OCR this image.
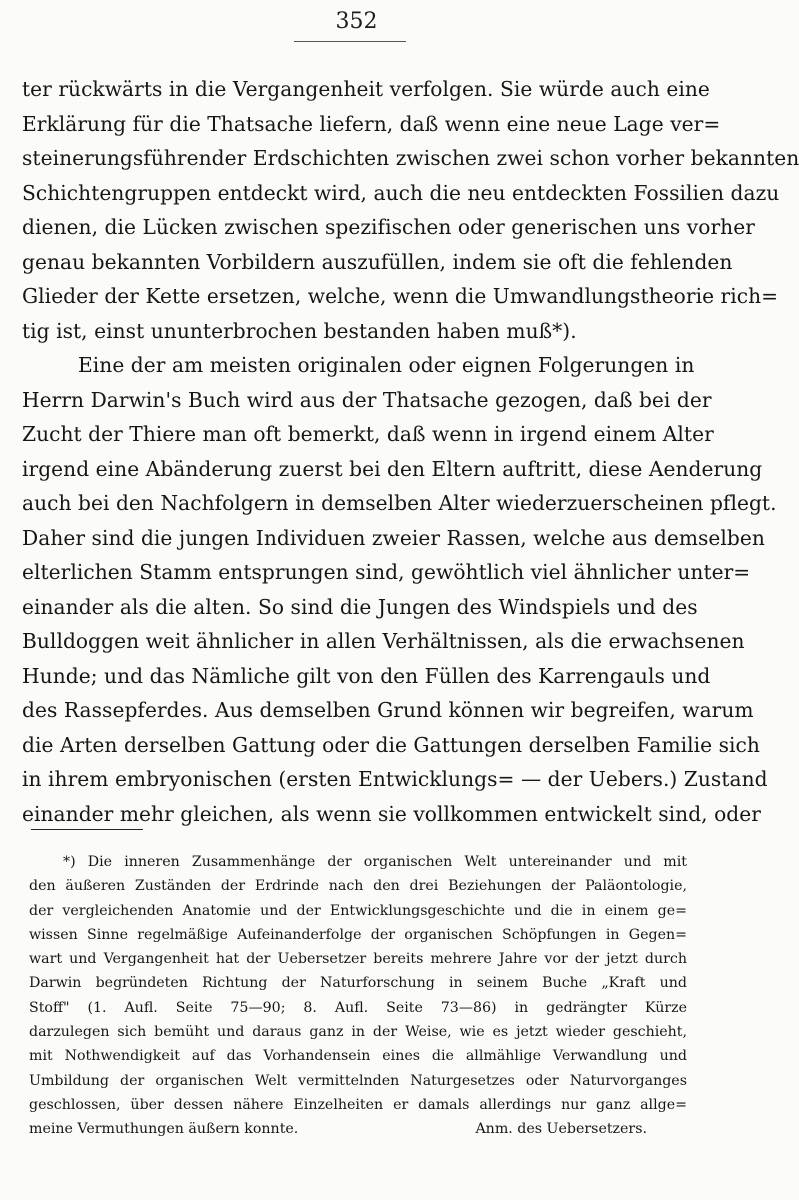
352
ter rückwärts in die Vergangenheit verfolgen. Sie würde auch eine
Erklärung für die Thatsache liefern, daß wenn eine neue Lage ver=
steinerungsführender Erdschichten zwischen zwei schon vorher bekannten
Schichtengruppen entdeckt wird, auch die neu entdeckten Fossilien dazu
dienen, die Lücken zwischen spezifischen oder generischen uns vorher
genau bekannten Vorbildern auszufüllen, indem sie oft die fehlenden
Glieder der Kette ersetzen, welche, wenn die Umwandlungstheorie rich=
tig ist, einst ununterbrochen bestanden haben muß*).
Eine der am meisten originalen oder eignen Folgerungen in
Herrn Darwin's Buch wird aus der Thatsache gezogen, daß bei der
Zucht der Thiere man oft bemerkt, daß wenn in irgend einem Alter
irgend eine Abänderung zuerst bei den Eltern auftritt, diese Aenderung
auch bei den Nachfolgern in demselben Alter wiederzuerscheinen pflegt.
Daher sind die jungen Individuen zweier Rassen, welche aus demselben
elterlichen Stamm entsprungen sind, gewöhtlich viel ähnlicher unter=
einander als die alten. So sind die Jungen des Windspiels und des
Bulldoggen weit ähnlicher in allen Verhältnissen, als die erwachsenen
Hunde; und das Nämliche gilt von den Füllen des Karrengauls und
des Rassepferdes. Aus demselben Grund können wir begreifen, warum
die Arten derselben Gattung oder die Gattungen derselben Familie sich
in ihrem embryonischen (ersten Entwicklungs= — der Uebers.) Zustand
einander mehr gleichen, als wenn sie vollkommen entwickelt sind, oder
*) Die inneren Zusammenhänge der organischen Welt untereinander und mit
den äußeren Zuständen der Erdrinde nach den drei Beziehungen der Paläontologie,
der vergleichenden Anatomie und der Entwicklungsgeschichte und die in einem ge=
wissen Sinne regelmäßige Aufeinanderfolge der organischen Schöpfungen in Gegen=
wart und Vergangenheit hat der Uebersetzer bereits mehrere Jahre vor der jetzt durch
Darwin begründeten Richtung der Naturforschung in seinem Buche „Kraft und
Stoff" (1. Aufl. Seite 75—90; 8. Aufl. Seite 73—86) in gedrängter Kürze
darzulegen sich bemüht und daraus ganz in der Weise, wie es jetzt wieder geschieht,
mit Nothwendigkeit auf das Vorhandensein eines die allmählige Verwandlung und
Umbildung der organischen Welt vermittelnden Naturgesetzes oder Naturvorganges
geschlossen, über dessen nähere Einzelheiten er damals allerdings nur ganz allge=
meine Vermuthungen äußern konnte.	Anm. des Uebersetzers.
